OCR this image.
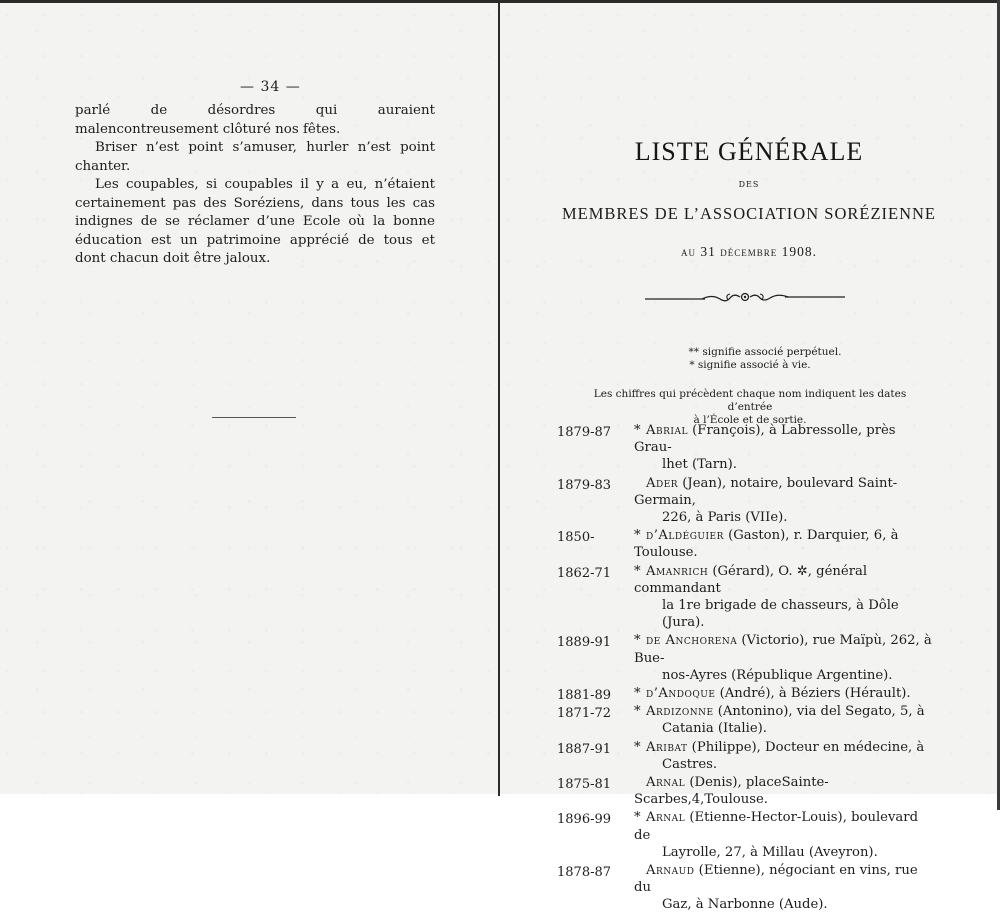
— 34 —

parlé de désordres qui auraient malencontreusement clôturé nos fêtes.

Briser n’est point s’amuser, hurler n’est point chanter.

Les coupables, si coupables il y a eu, n’étaient certainement pas des Soréziens, dans tous les cas indignes de se réclamer d’une Ecole où la bonne éducation est un patrimoine apprécié de tous et dont chacun doit être jaloux.

LISTE GÉNÉRALE
DES
MEMBRES DE L’ASSOCIATION SORÉZIENNE
au 31 décembre 1908.
** signifie associé perpétuel.
* signifie associé à vie.
Les chiffres qui précèdent chaque nom indiquent les dates d’entrée
à l’École et de sortie.
1879-87	* Abrial (François), à Labressolle, près Grau-
lhet (Tarn).
1879-83	Ader (Jean), notaire, boulevard Saint-Germain,
226, à Paris (VIIe).
1850-	* d’Aldéguier (Gaston), r. Darquier, 6, à Toulouse.
1862-71	* Amanrich (Gérard), O. ✲, général commandant
la 1re brigade de chasseurs, à Dôle (Jura).
1889-91	* de Anchorena (Victorio), rue Maïpù, 262, à Bue-
nos-Ayres (République Argentine).
1881-89	* d’Andoque (André), à Béziers (Hérault).
1871-72	* Ardizonne (Antonino), via del Segato, 5, à
Catania (Italie).
1887-91	* Aribat (Philippe), Docteur en médecine, à
Castres.
1875-81	Arnal (Denis), placeSainte-Scarbes,4,Toulouse.
1896-99	* Arnal (Etienne-Hector-Louis), boulevard de
Layrolle, 27, à Millau (Aveyron).
1878-87	Arnaud (Etienne), négociant en vins, rue du
Gaz, à Narbonne (Aude).
